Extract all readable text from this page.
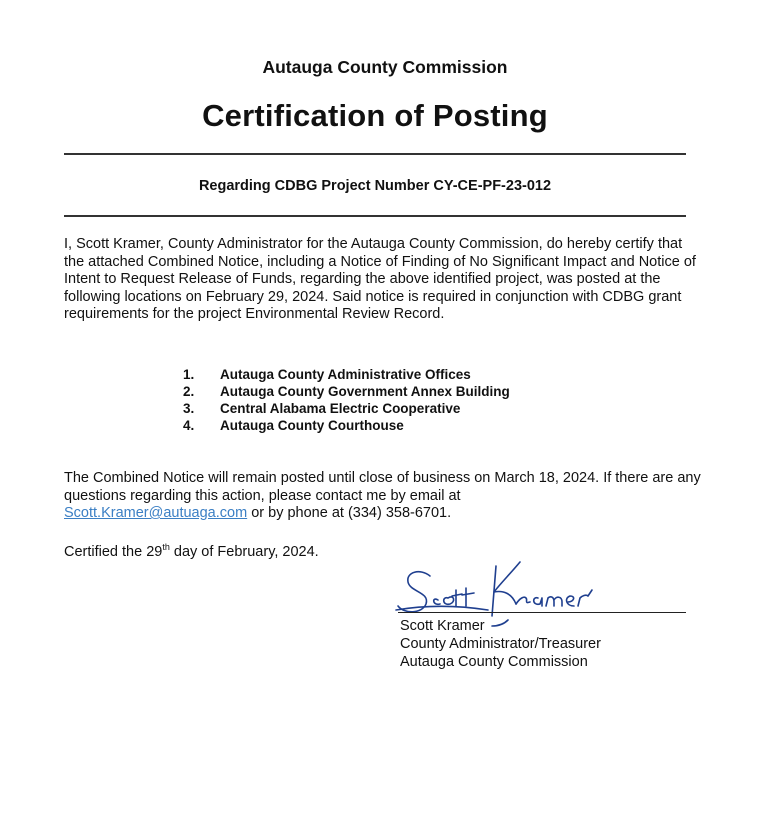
Autauga County Commission
Certification of Posting
Regarding CDBG Project Number CY-CE-PF-23-012

I, Scott Kramer, County Administrator for the Autauga County Commission, do hereby certify that the attached Combined Notice, including a Notice of Finding of No Significant Impact and Notice of Intent to Request Release of Funds, regarding the above identified project, was posted at the following locations on February 29, 2024. Said notice is required in conjunction with CDBG grant requirements for the project Environmental Review Record.

1.	Autauga County Administrative Offices
2.	Autauga County Government Annex Building
3.	Central Alabama Electric Cooperative
4.	Autauga County Courthouse

The Combined Notice will remain posted until close of business on March 18, 2024. If there are any questions regarding this action, please contact me by email at
Scott.Kramer@autuaga.com or by phone at (334) 358-6701.

Certified the 29th day of February, 2024.

Scott Kramer
County Administrator/Treasurer
Autauga County Commission
